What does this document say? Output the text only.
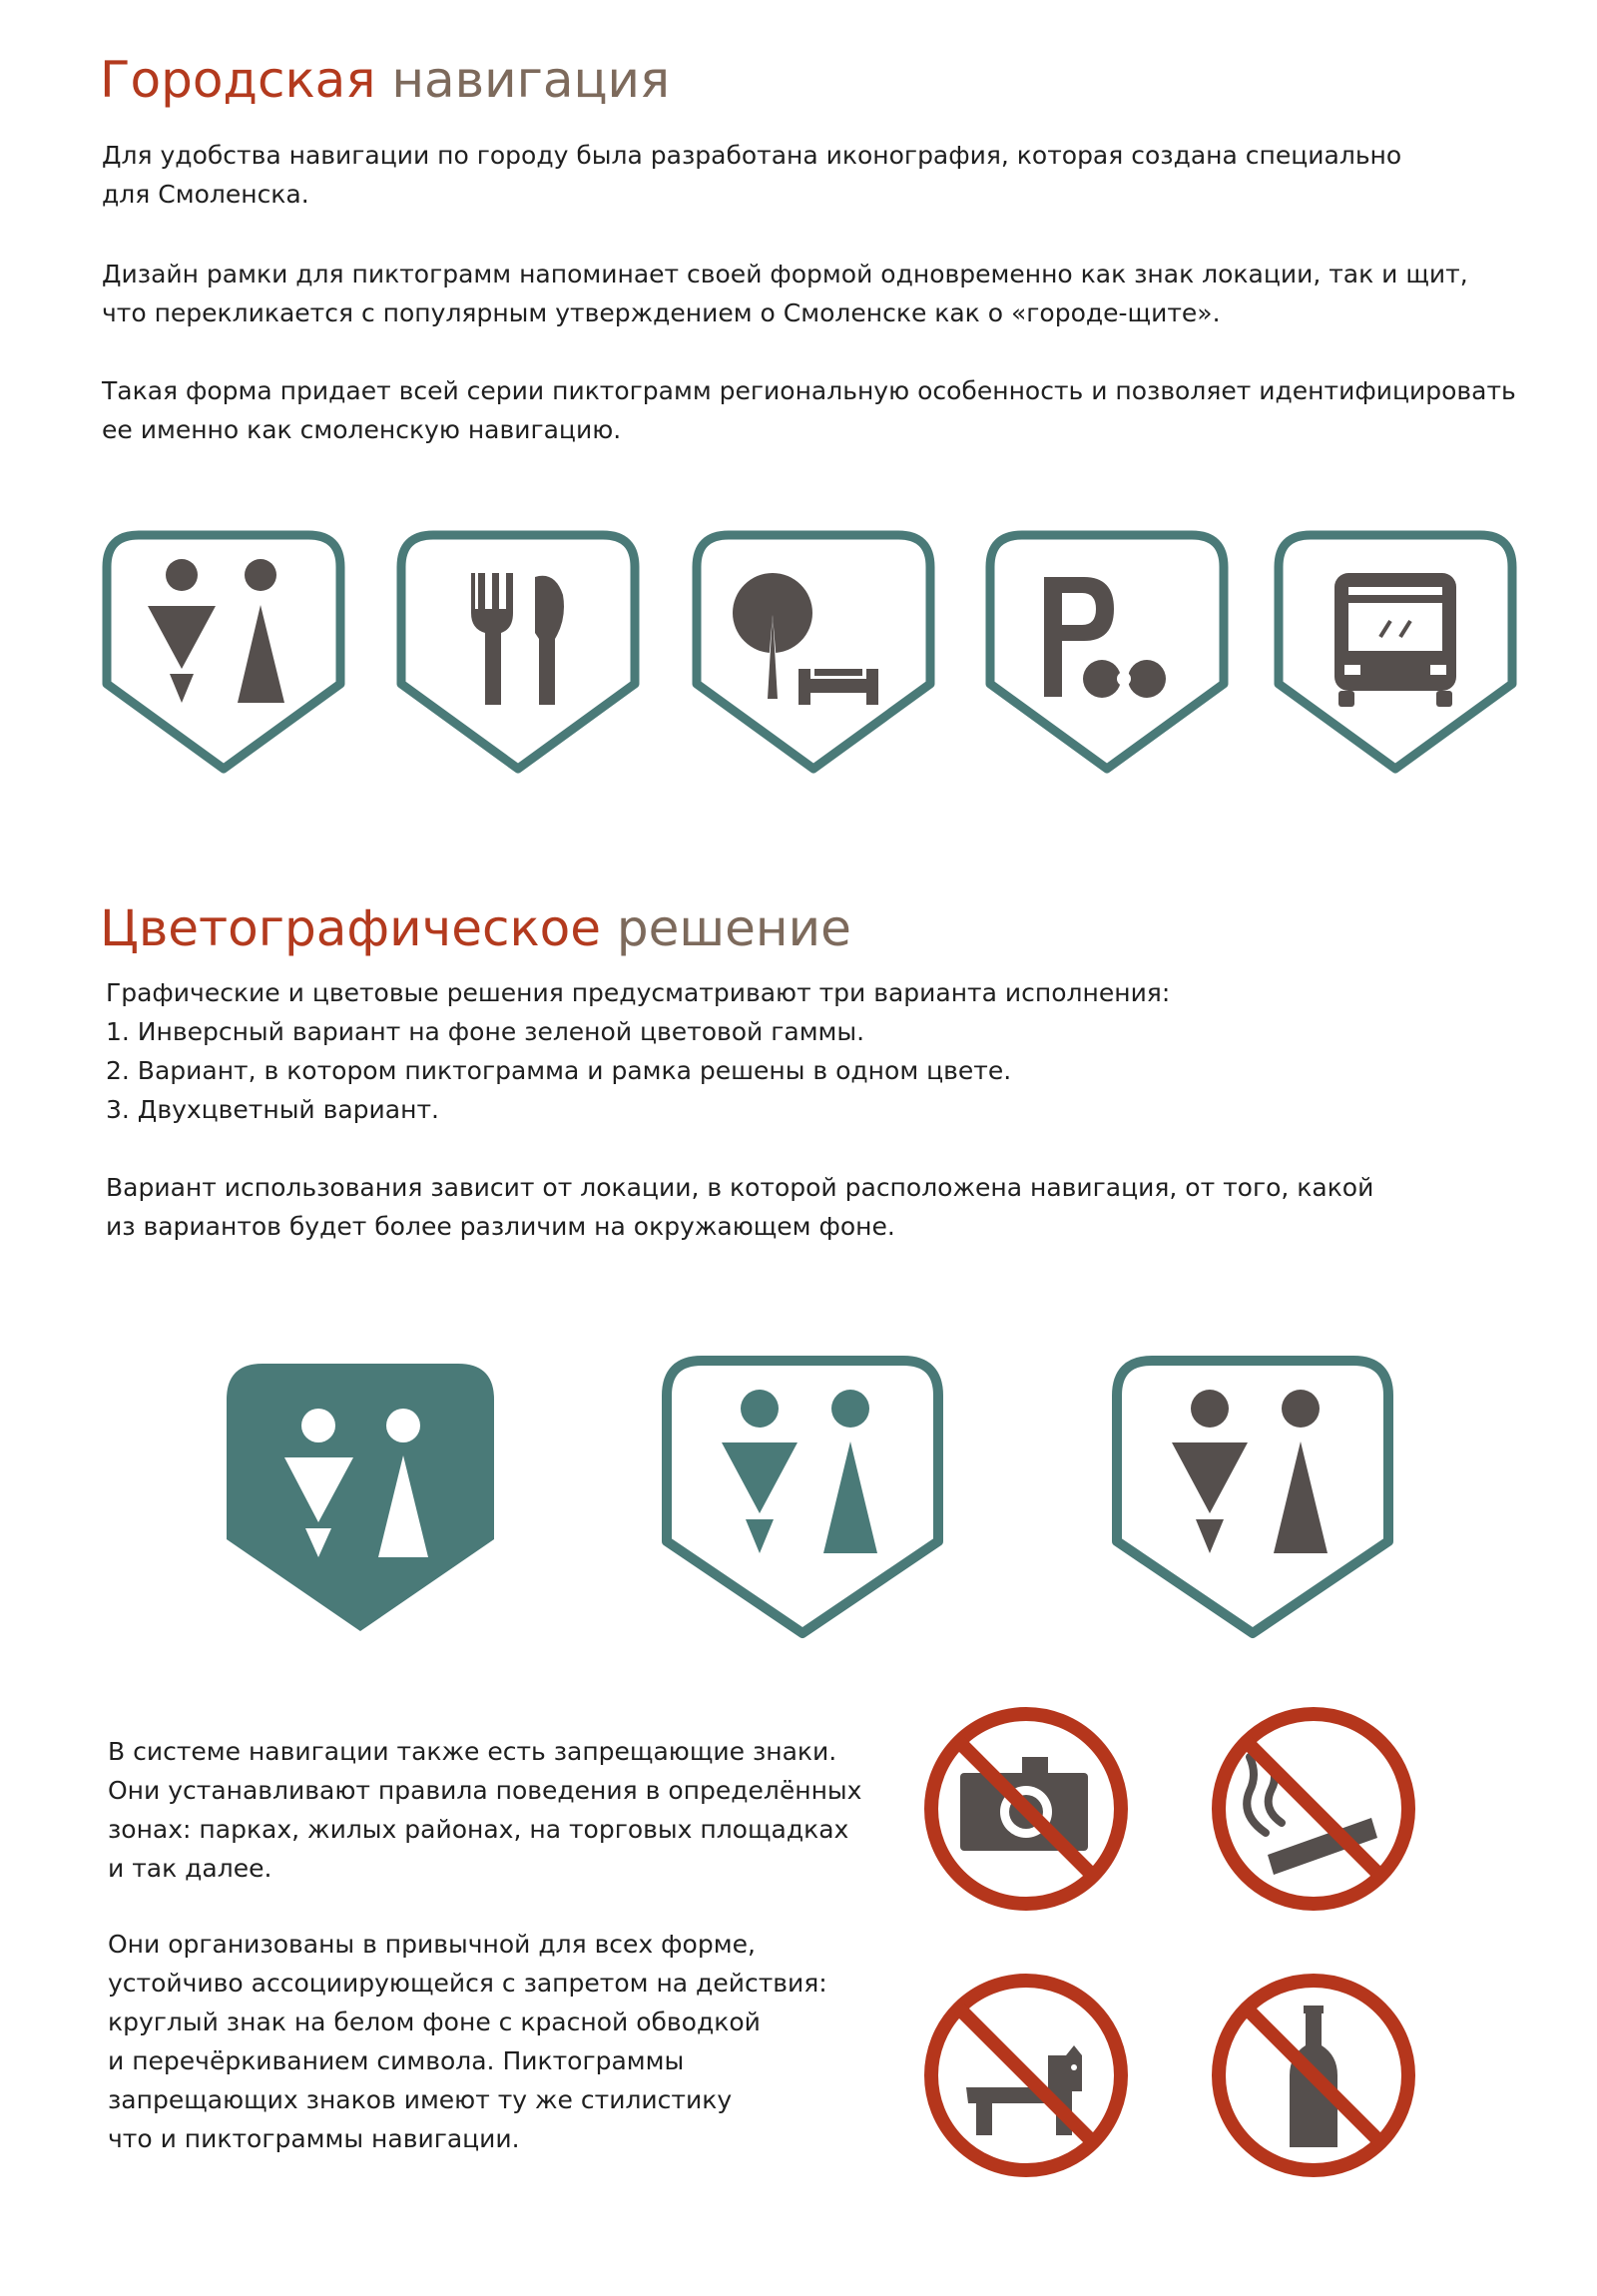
Городская навигация

Для удобства навигации по городу была разработана иконография, которая создана специально
для Смоленска.

Дизайн рамки для пиктограмм напоминает своей формой одновременно как знак локации, так и щит,
что перекликается с популярным утверждением о Смоленске как о «городе-щите».

Такая форма придает всей серии пиктограмм региональную особенность и позволяет идентифицировать
ее именно как смоленскую навигацию.

Цветографическое решение

Графические и цветовые решения предусматривают три варианта исполнения:
1. Инверсный вариант на фоне зеленой цветовой гаммы.
2. Вариант, в котором пиктограмма и рамка решены в одном цвете.
3. Двухцветный вариант.

Вариант использования зависит от локации, в которой расположена навигация, от того, какой
из вариантов будет более различим на окружающем фоне.

В системе навигации также есть запрещающие знаки.
Они устанавливают правила поведения в определённых
зонах: парках, жилых районах, на торговых площадках
и так далее.

Они организованы в привычной для всех форме,
устойчиво ассоциирующейся с запретом на действия:
круглый знак на белом фоне с красной обводкой
и перечёркиванием символа. Пиктограммы
запрещающих знаков имеют ту же стилистику
что и пиктограммы навигации.
